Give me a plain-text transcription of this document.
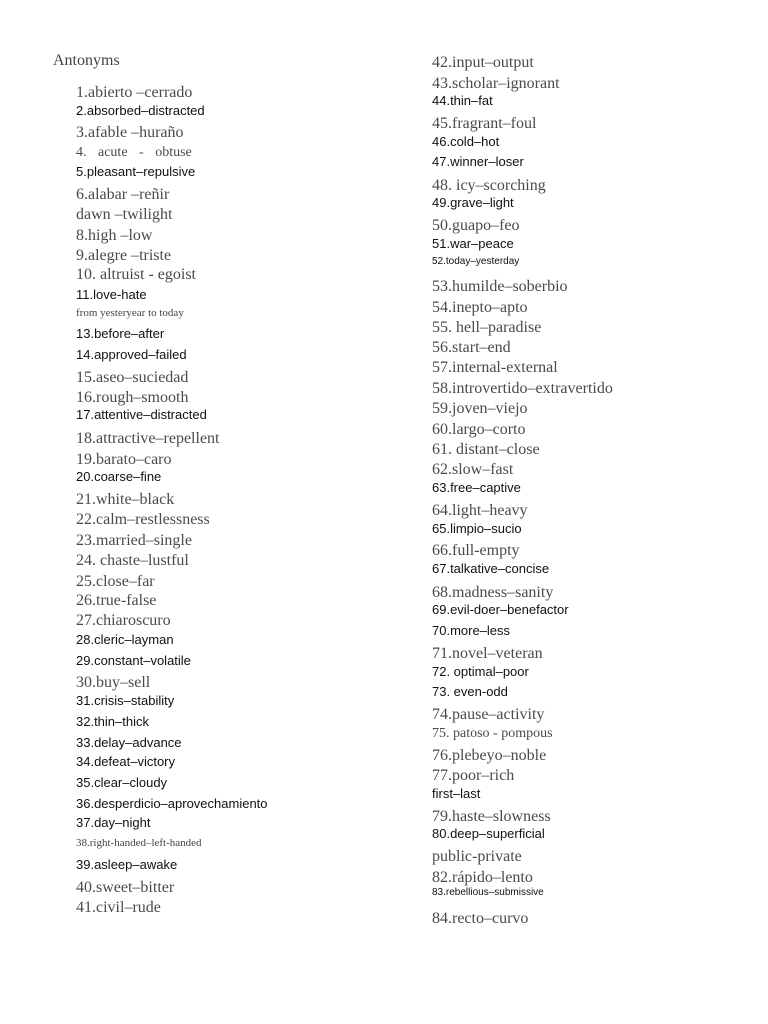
Antonyms
1.abierto –cerrado
2.absorbed–distracted
3.afable –huraño
4. acute - obtuse
5.pleasant–repulsive
6.alabar –reñir
dawn –twilight
8.high –low
9.alegre –triste
10. altruist - egoist
11.love-hate
from yesteryear to today
13.before–after
14.approved–failed
15.aseo–suciedad
16.rough–smooth
17.attentive–distracted
18.attractive–repellent
19.barato–caro
20.coarse–fine
21.white–black
22.calm–restlessness
23.married–single
24. chaste–lustful
25.close–far
26.true-false
27.chiaroscuro
28.cleric–layman
29.constant–volatile
30.buy–sell
31.crisis–stability
32.thin–thick
33.delay–advance
34.defeat–victory
35.clear–cloudy
36.desperdicio–aprovechamiento
37.day–night
38.right-handed–left-handed
39.asleep–awake
40.sweet–bitter
41.civil–rude
42.input–output
43.scholar–ignorant
44.thin–fat
45.fragrant–foul
46.cold–hot
47.winner–loser
48. icy–scorching
49.grave–light
50.guapo–feo
51.war–peace
52.today–yesterday
53.humilde–soberbio
54.inepto–apto
55. hell–paradise
56.start–end
57.internal-external
58.introvertido–extravertido
59.joven–viejo
60.largo–corto
61. distant–close
62.slow–fast
63.free–captive
64.light–heavy
65.limpio–sucio
66.full-empty
67.talkative–concise
68.madness–sanity
69.evil-doer–benefactor
70.more–less
71.novel–veteran
72. optimal–poor
73. even-odd
74.pause–activity
75. patoso - pompous
76.plebeyo–noble
77.poor–rich
first–last
79.haste–slowness
80.deep–superficial
public-private
82.rápido–lento
83.rebellious–submissive
84.recto–curvo
